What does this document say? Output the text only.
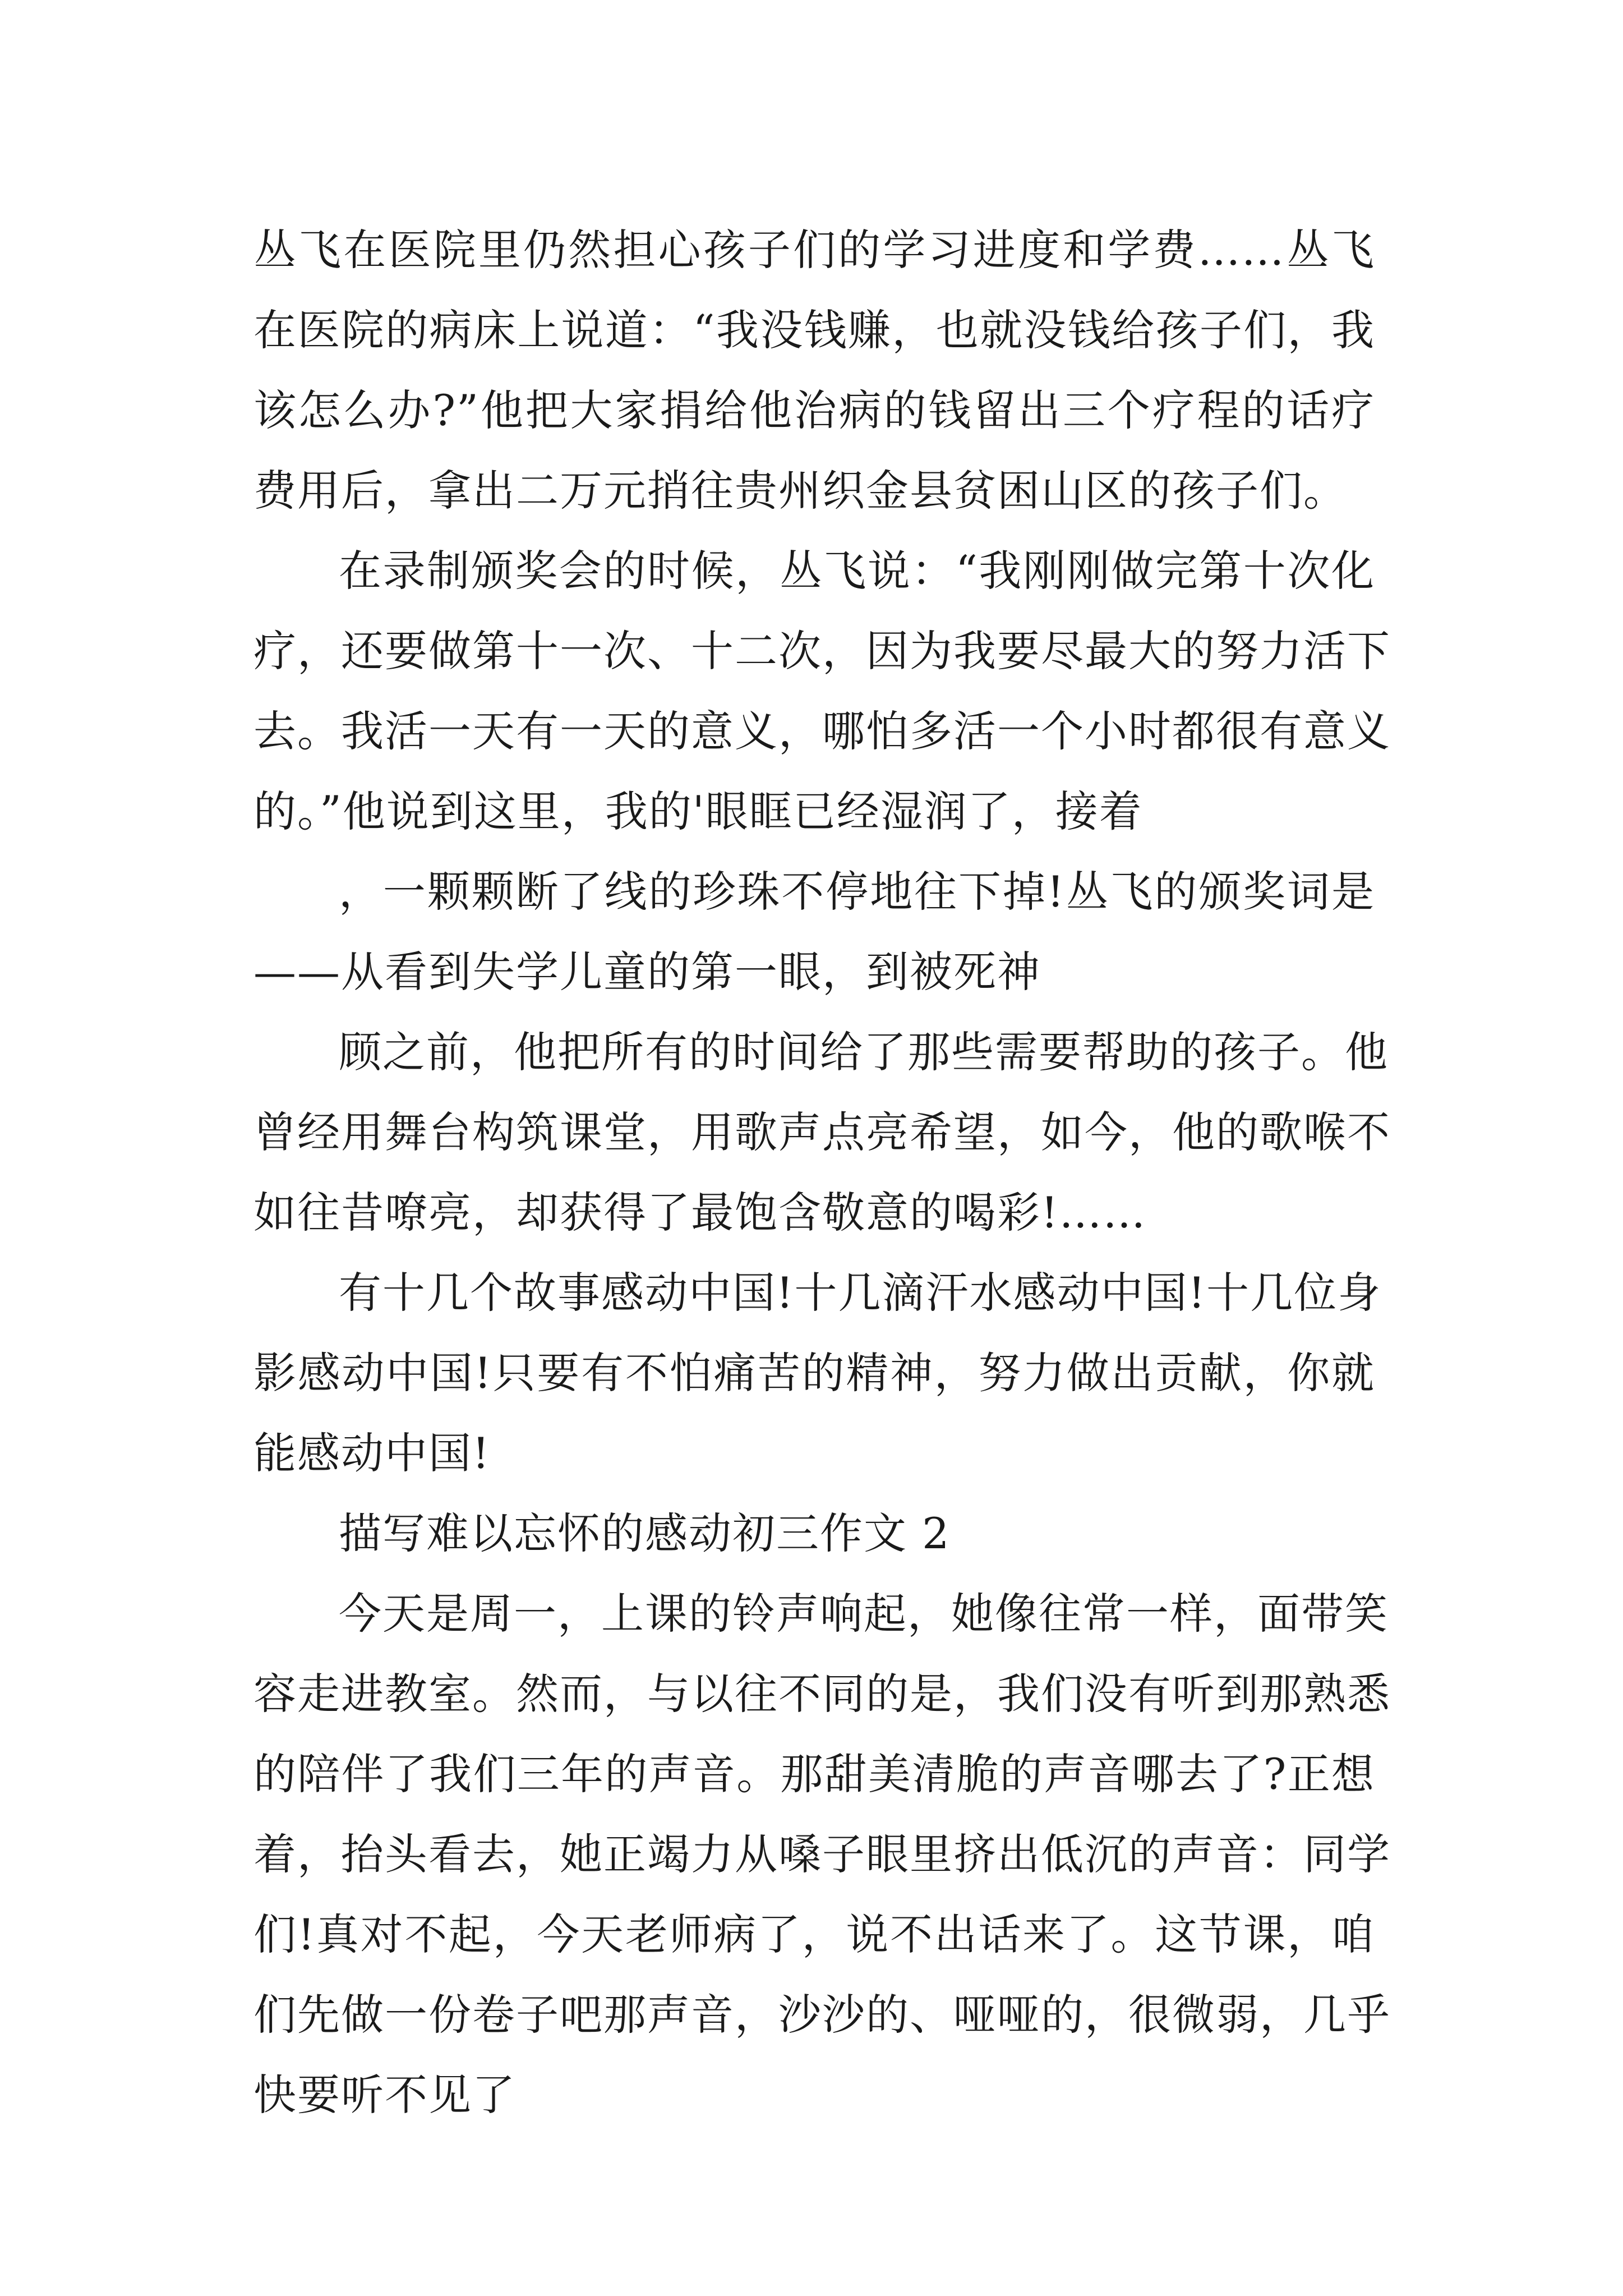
丛飞在医院里仍然担心孩子们的学习进度和学费……丛飞
在医院的病床上说道：“我没钱赚，也就没钱给孩子们，我
该怎么办?”他把大家捐给他治病的钱留出三个疗程的话疗
费用后，拿出二万元捎往贵州织金县贫困山区的孩子们。
在录制颁奖会的时候，丛飞说：“我刚刚做完第十次化
疗，还要做第十一次、十二次，因为我要尽最大的努力活下
去。我活一天有一天的意义，哪怕多活一个小时都很有意义
的。”他说到这里，我的'眼眶已经湿润了，接着
，一颗颗断了线的珍珠不停地往下掉!丛飞的颁奖词是
——从看到失学儿童的第一眼，到被死神
顾之前，他把所有的时间给了那些需要帮助的孩子。他
曾经用舞台构筑课堂，用歌声点亮希望，如今，他的歌喉不
如往昔嘹亮，却获得了最饱含敬意的喝彩!……
有十几个故事感动中国!十几滴汗水感动中国!十几位身
影感动中国!只要有不怕痛苦的精神，努力做出贡献，你就
能感动中国!
描写难以忘怀的感动初三作文 2
今天是周一，上课的铃声响起，她像往常一样，面带笑
容走进教室。然而，与以往不同的是，我们没有听到那熟悉
的陪伴了我们三年的声音。那甜美清脆的声音哪去了?正想
着，抬头看去，她正竭力从嗓子眼里挤出低沉的声音：同学
们!真对不起，今天老师病了，说不出话来了。这节课，咱
们先做一份卷子吧那声音，沙沙的、哑哑的，很微弱，几乎
快要听不见了
